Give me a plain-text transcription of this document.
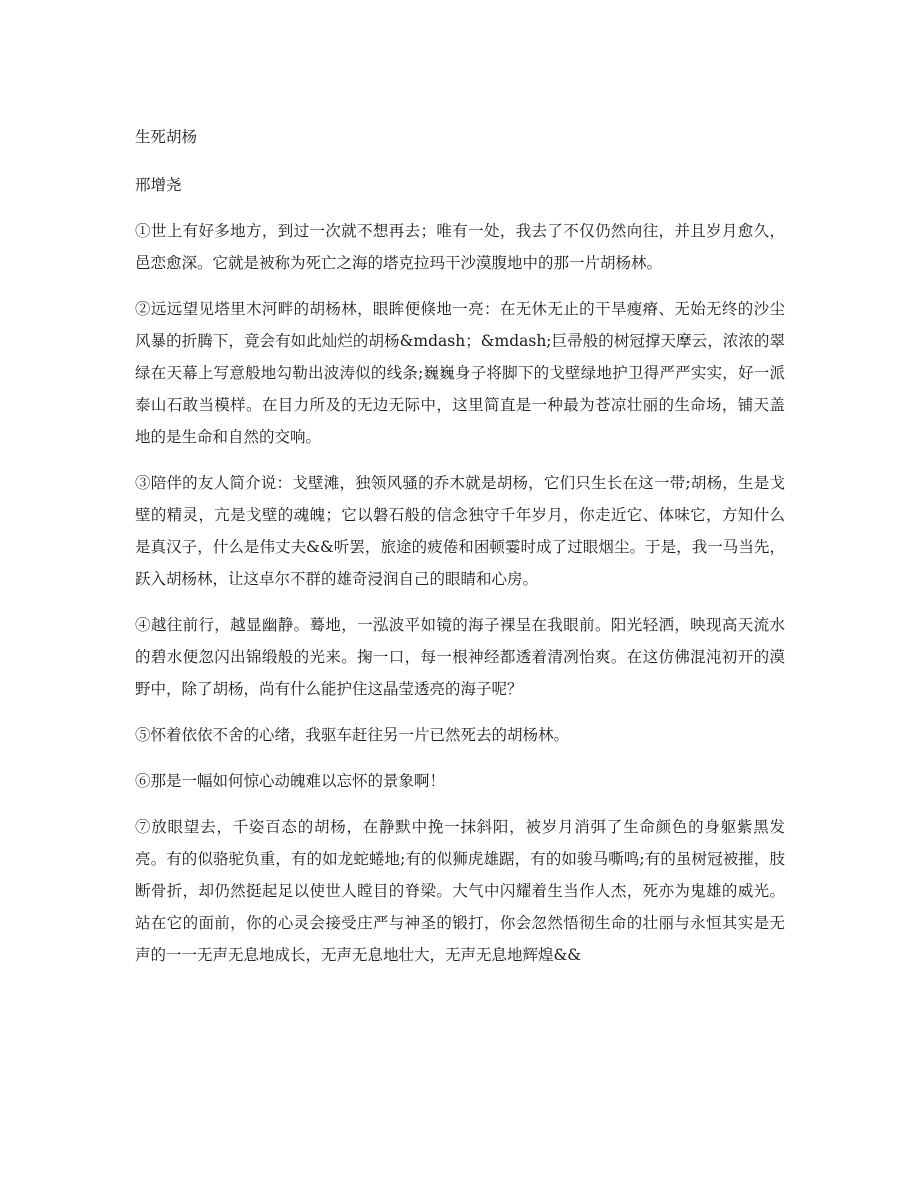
生死胡杨

邢增尧

①世上有好多地方，到过一次就不想再去；唯有一处，我去了不仅仍然向往，并且岁月愈久，邑恋愈深。它就是被称为死亡之海的塔克拉玛干沙漠腹地中的那一片胡杨林。

②远远望见塔里木河畔的胡杨林，眼眸便倏地一亮：在无休无止的干旱瘦瘠、无始无终的沙尘风暴的折腾下，竟会有如此灿烂的胡杨&mdash；&mdash;巨帚般的树冠撑天摩云，浓浓的翠绿在天幕上写意般地勾勒出波涛似的线条;巍巍身子将脚下的戈壁绿地护卫得严严实实，好一派泰山石敢当模样。在目力所及的无边无际中，这里简直是一种最为苍凉壮丽的生命场，铺天盖地的是生命和自然的交响。

③陪伴的友人简介说：戈壁滩，独领风骚的乔木就是胡杨，它们只生长在这一带;胡杨，生是戈壁的精灵，亢是戈壁的魂魄；它以磐石般的信念独守千年岁月，你走近它、体味它，方知什么是真汉子，什么是伟丈夫&&听罢，旅途的疲倦和困顿霎时成了过眼烟尘。于是，我一马当先，跃入胡杨林，让这卓尔不群的雄奇浸润自己的眼睛和心房。

④越往前行，越显幽静。蓦地，一泓波平如镜的海子裸呈在我眼前。阳光轻洒，映现高天流水的碧水便忽闪出锦缎般的光来。掬一口，每一根神经都透着清冽怡爽。在这仿佛混沌初开的漠野中，除了胡杨，尚有什么能护住这晶莹透亮的海子呢？

⑤怀着依依不舍的心绪，我驱车赶往另一片已然死去的胡杨林。

⑥那是一幅如何惊心动魄难以忘怀的景象啊！

⑦放眼望去，千姿百态的胡杨，在静默中挽一抹斜阳，被岁月消弭了生命颜色的身躯紫黑发亮。有的似骆驼负重，有的如龙蛇蜷地;有的似狮虎雄踞，有的如骏马嘶鸣;有的虽树冠被摧，肢断骨折，却仍然挺起足以使世人瞠目的脊梁。大气中闪耀着生当作人杰，死亦为鬼雄的威光。站在它的面前，你的心灵会接受庄严与神圣的锻打，你会忽然悟彻生命的壮丽与永恒其实是无声的一一无声无息地成长，无声无息地壮大，无声无息地辉煌&&
